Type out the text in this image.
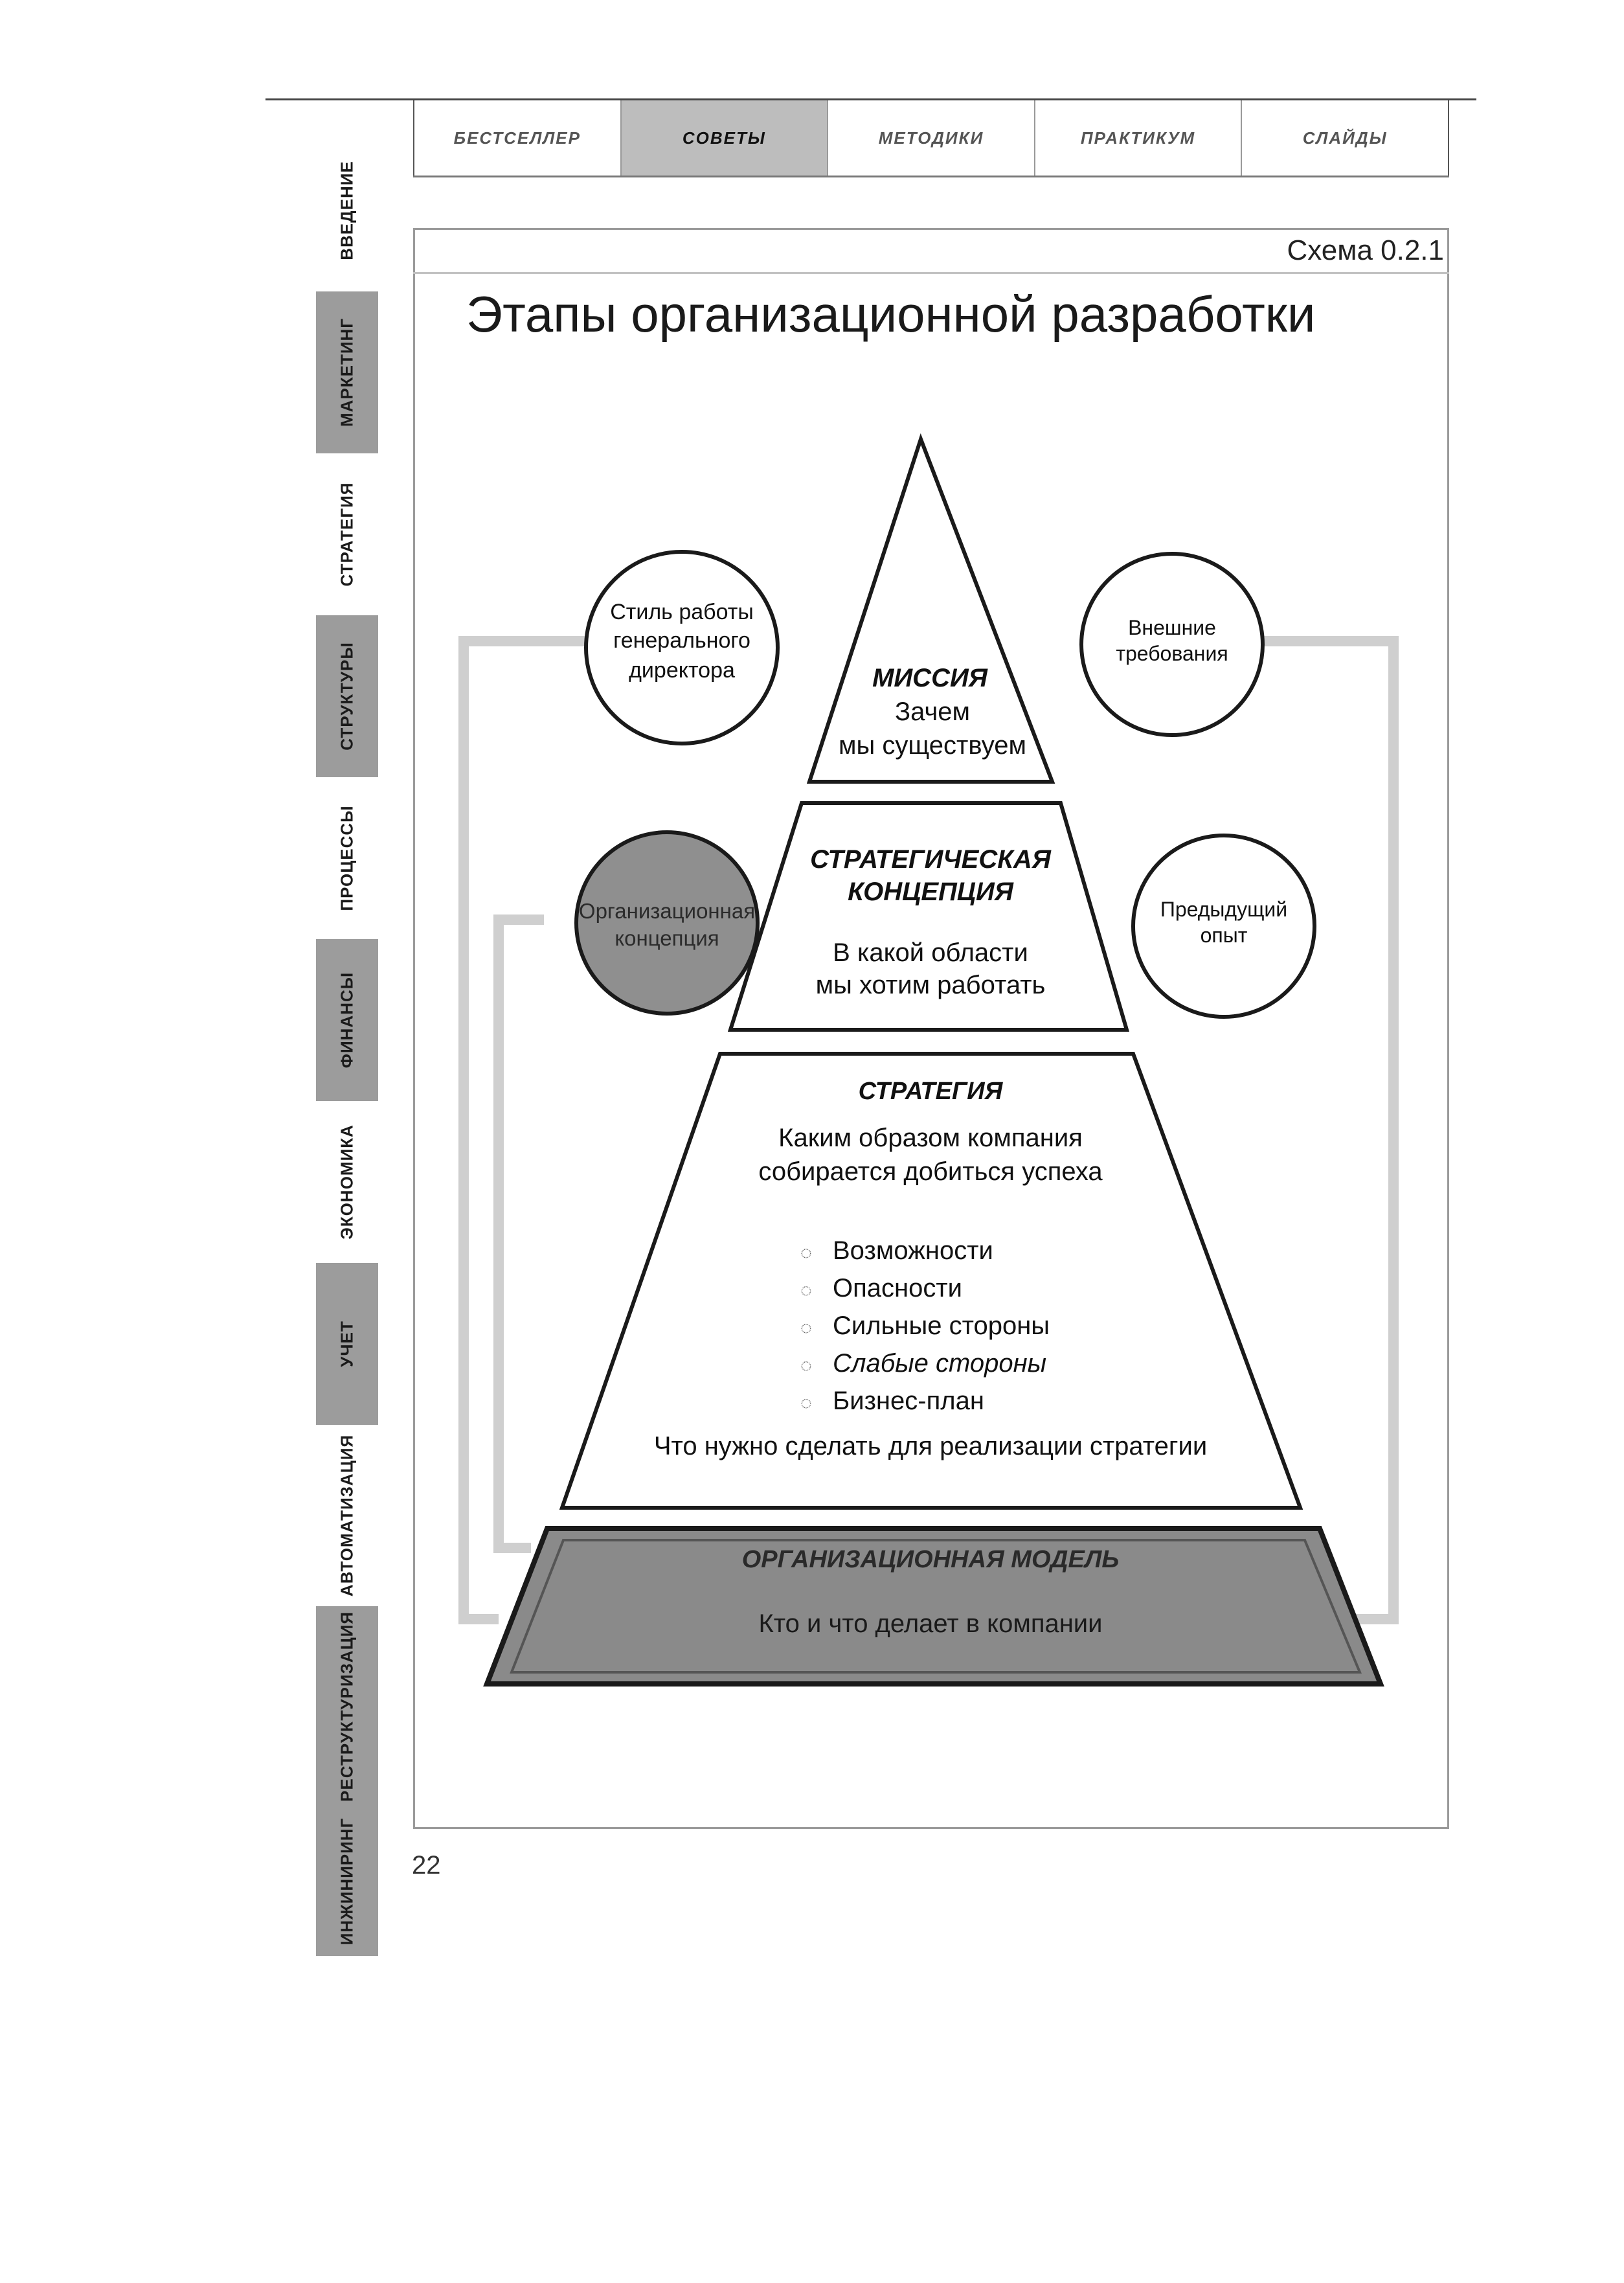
БЕСТСЕЛЛЕР	СОВЕТЫ	МЕТОДИКИ	ПРАКТИКУМ	СЛАЙДЫ
ВВЕДЕНИЕ
МАРКЕТИНГ
СТРАТЕГИЯ
СТРУКТУРЫ
ПРОЦЕССЫ
ФИНАНСЫ
ЭКОНОМИКА
УЧЕТ
АВТОМАТИЗАЦИЯ
РЕСТРУКТУРИЗАЦИЯ
ИНЖИНИРИНГ
Схема 0.2.1
Этапы организационной разработки
МИССИЯ
Зачем
мы существуем
СТРАТЕГИЧЕСКАЯ
КОНЦЕПЦИЯ
В какой области
мы хотим работать
СТРАТЕГИЯ
Каким образом компания
собирается добиться успеха
◌ Возможности
◌ Опасности
◌ Сильные стороны
◌ Слабые стороны
◌ Бизнес-план
Что нужно сделать для реализации стратегии
ОРГАНИЗАЦИОННАЯ МОДЕЛЬ
Кто и что делает в компании
Стиль работы
генерального
директора
Внешние
требования
Организационная
концепция
Предыдущий
опыт
22
